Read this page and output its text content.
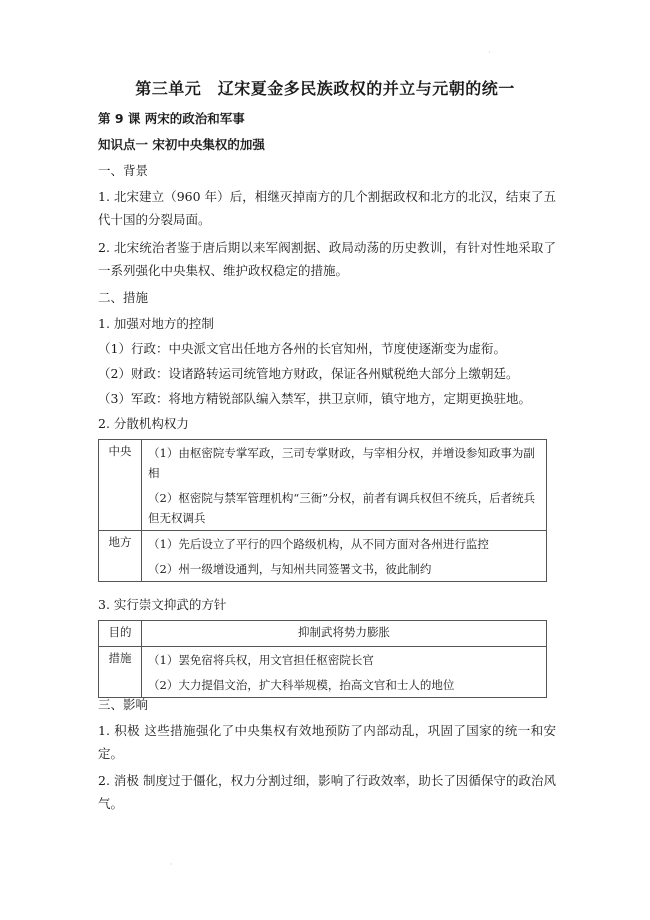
·
第三单元　辽宋夏金多民族政权的并立与元朝的统一
第 9 课 两宋的政治和军事
知识点一 宋初中央集权的加强
一、背景
1. 北宋建立（960 年）后，相继灭掉南方的几个割据政权和北方的北汉，结束了五代十国的分裂局面。
2. 北宋统治者鉴于唐后期以来军阀割据、政局动荡的历史教训，有针对性地采取了一系列强化中央集权、维护政权稳定的措施。
二、措施
1. 加强对地方的控制
（1）行政：中央派文官出任地方各州的长官知州，节度使逐渐变为虚衔。
（2）财政：设诸路转运司统管地方财政，保证各州赋税绝大部分上缴朝廷。
（3）军政：将地方精锐部队编入禁军，拱卫京师，镇守地方，定期更换驻地。
2. 分散机构权力
中央	（1）由枢密院专掌军政，三司专掌财政，与宰相分权，并增设参知政事为副相

（2）枢密院与禁军管理机构“三衙”分权，前者有调兵权但不统兵，后者统兵但无权调兵

地方	（1）先后设立了平行的四个路级机构，从不同方面对各州进行监控

（2）州一级增设通判，与知州共同签署文书，彼此制约

3. 实行崇文抑武的方针
目的	抑制武将势力膨胀
措施	（1）罢免宿将兵权，用文官担任枢密院长官

（2）大力提倡文治，扩大科举规模，抬高文官和士人的地位

三、影响
1. 积极 这些措施强化了中央集权有效地预防了内部动乱，巩固了国家的统一和安定。
2. 消极 制度过于僵化，权力分割过细，影响了行政效率，助长了因循保守的政治风气。
·
